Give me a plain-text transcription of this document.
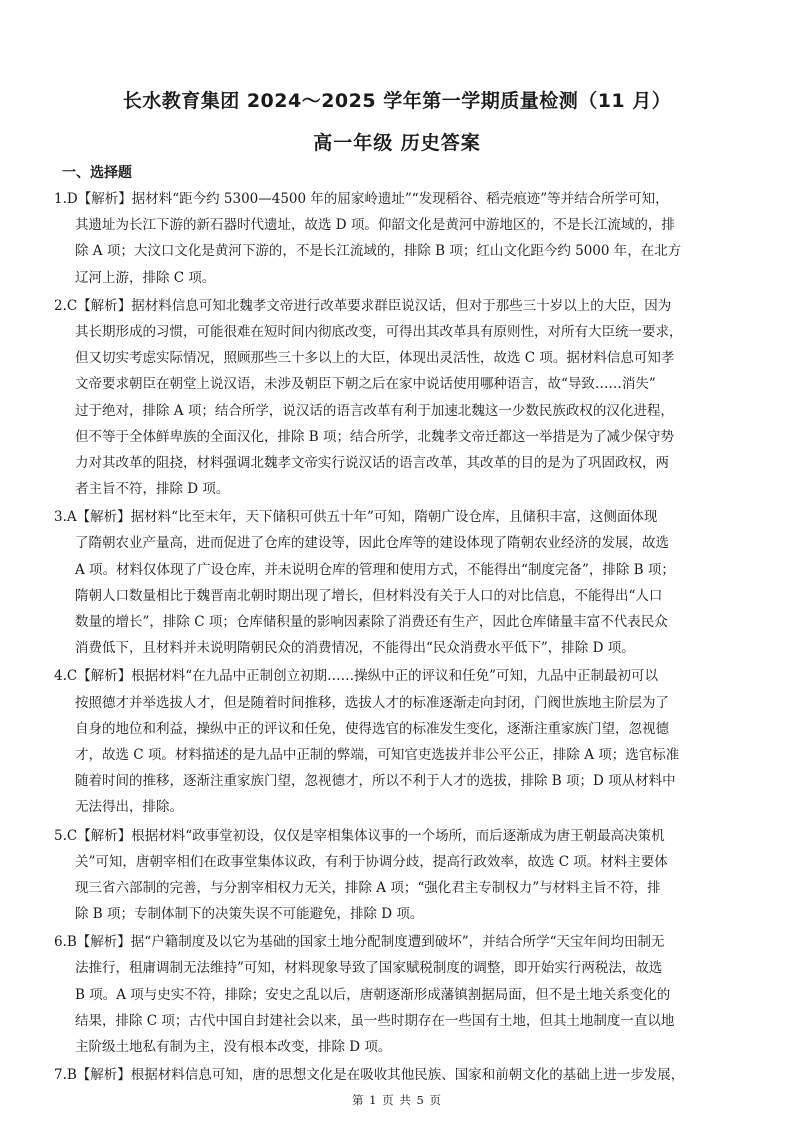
长水教育集团 2024～2025 学年第一学期质量检测（11 月）
高一年级 历史答案
一、选择题
1.D【解析】据材料“距今约 5300—4500 年的屈家岭遗址”“发现稻谷、稻壳痕迹”等并结合所学可知，
其遗址为长江下游的新石器时代遗址，故选 D 项。仰韶文化是黄河中游地区的，不是长江流域的，排
除 A 项；大汶口文化是黄河下游的，不是长江流域的，排除 B 项；红山文化距今约 5000 年，在北方
辽河上游，排除 C 项。
2.C【解析】据材料信息可知北魏孝文帝进行改革要求群臣说汉话，但对于那些三十岁以上的大臣，因为
其长期形成的习惯，可能很难在短时间内彻底改变，可得出其改革具有原则性，对所有大臣统一要求，
但又切实考虑实际情况，照顾那些三十多以上的大臣，体现出灵活性，故选 C 项。据材料信息可知孝
文帝要求朝臣在朝堂上说汉语，未涉及朝臣下朝之后在家中说话使用哪种语言，故“导致……消失”
过于绝对，排除 A 项；结合所学，说汉话的语言改革有利于加速北魏这一少数民族政权的汉化进程，
但不等于全体鲜卑族的全面汉化，排除 B 项；结合所学，北魏孝文帝迁都这一举措是为了减少保守势
力对其改革的阻挠，材料强调北魏孝文帝实行说汉话的语言改革，其改革的目的是为了巩固政权，两
者主旨不符，排除 D 项。
3.A【解析】据材料“比至末年，天下储积可供五十年”可知，隋朝广设仓库，且储积丰富，这侧面体现
了隋朝农业产量高，进而促进了仓库的建设等，因此仓库等的建设体现了隋朝农业经济的发展，故选
A 项。材料仅体现了广设仓库，并未说明仓库的管理和使用方式，不能得出“制度完备”，排除 B 项；
隋朝人口数量相比于魏晋南北朝时期出现了增长，但材料没有关于人口的对比信息，不能得出“人口
数量的增长”，排除 C 项；仓库储积量的影响因素除了消费还有生产，因此仓库储量丰富不代表民众
消费低下，且材料并未说明隋朝民众的消费情况，不能得出“民众消费水平低下”，排除 D 项。
4.C【解析】根据材料“在九品中正制创立初期……操纵中正的评议和任免”可知，九品中正制最初可以
按照德才并举选拔人才，但是随着时间推移，选拔人才的标准逐渐走向封闭，门阀世族地主阶层为了
自身的地位和利益，操纵中正的评议和任免，使得选官的标准发生变化，逐渐注重家族门望，忽视德
才，故选 C 项。材料描述的是九品中正制的弊端，可知官吏选拔并非公平公正，排除 A 项；选官标准
随着时间的推移，逐渐注重家族门望，忽视德才，所以不利于人才的选拔，排除 B 项；D 项从材料中
无法得出，排除。
5.C【解析】根据材料“政事堂初设，仅仅是宰相集体议事的一个场所，而后逐渐成为唐王朝最高决策机
关”可知，唐朝宰相们在政事堂集体议政，有利于协调分歧，提高行政效率，故选 C 项。材料主要体
现三省六部制的完善，与分割宰相权力无关，排除 A 项；“强化君主专制权力”与材料主旨不符，排
除 B 项；专制体制下的决策失误不可能避免，排除 D 项。
6.B【解析】据“户籍制度及以它为基础的国家土地分配制度遭到破坏”，并结合所学“天宝年间均田制无
法推行，租庸调制无法维持”可知，材料现象导致了国家赋税制度的调整，即开始实行两税法，故选
B 项。A 项与史实不符，排除；安史之乱以后，唐朝逐渐形成藩镇割据局面，但不是土地关系变化的
结果，排除 C 项；古代中国自封建社会以来，虽一些时期存在一些国有土地，但其土地制度一直以地
主阶级土地私有制为主，没有根本改变，排除 D 项。
7.B【解析】根据材料信息可知，唐的思想文化是在吸收其他民族、国家和前朝文化的基础上进一步发展，
第 1 页 共 5 页
